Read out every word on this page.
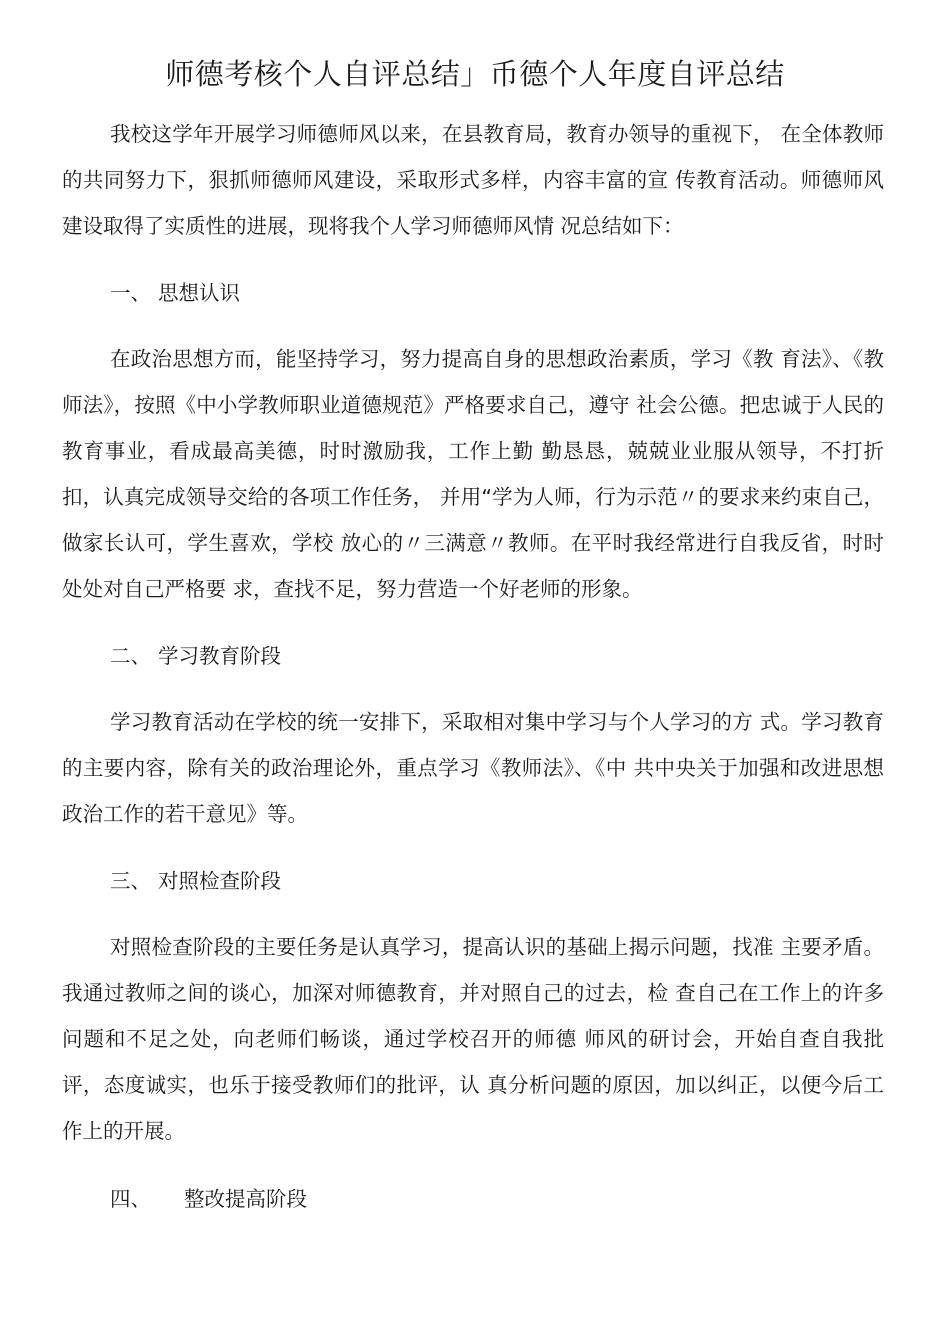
师德考核个人自评总结」币德个人年度自评总结

我校这学年开展学习师德师风以来，在县教育局，教育办领导的重视下， 在全体教师的共同努力下，狠抓师德师风建设，采取形式多样，内容丰富的宣 传教育活动。师德师风建设取得了实质性的进展，现将我个人学习师德师风情 况总结如下：

一、 思想认识

在政治思想方而，能坚持学习，努力提高自身的思想政治素质，学习《教 育法》、《教师法》，按照《中小学教师职业道德规范》严格要求自己，遵守 社会公德。把忠诚于人民的教育事业，看成最高美德，时时激励我，工作上勤 勤恳恳，兢兢业业服从领导，不打折扣，认真完成领导交给的各项工作任务， 并用“学为人师，行为示范〃的要求来约束自己，做家长认可，学生喜欢，学校 放心的〃三满意〃教师。在平时我经常进行自我反省，时时处处对自己严格要 求，查找不足，努力营造一个好老师的形象。

二、 学习教育阶段

学习教育活动在学校的统一安排下，采取相对集中学习与个人学习的方 式。学习教育的主要内容，除有关的政治理论外，重点学习《教师法》、《中 共中央关于加强和改进思想政治工作的若干意见》等。

三、 对照检查阶段

对照检查阶段的主要任务是认真学习，提高认识的基础上揭示问题，找准 主要矛盾。我通过教师之间的谈心，加深对师德教育，并对照自己的过去，检 查自己在工作上的许多问题和不足之处，向老师们畅谈，通过学校召开的师德 师风的研讨会，开始自查自我批评，态度诚实，也乐于接受教师们的批评，认 真分析问题的原因，加以纠正，以便今后工作上的开展。

四、 整改提高阶段
